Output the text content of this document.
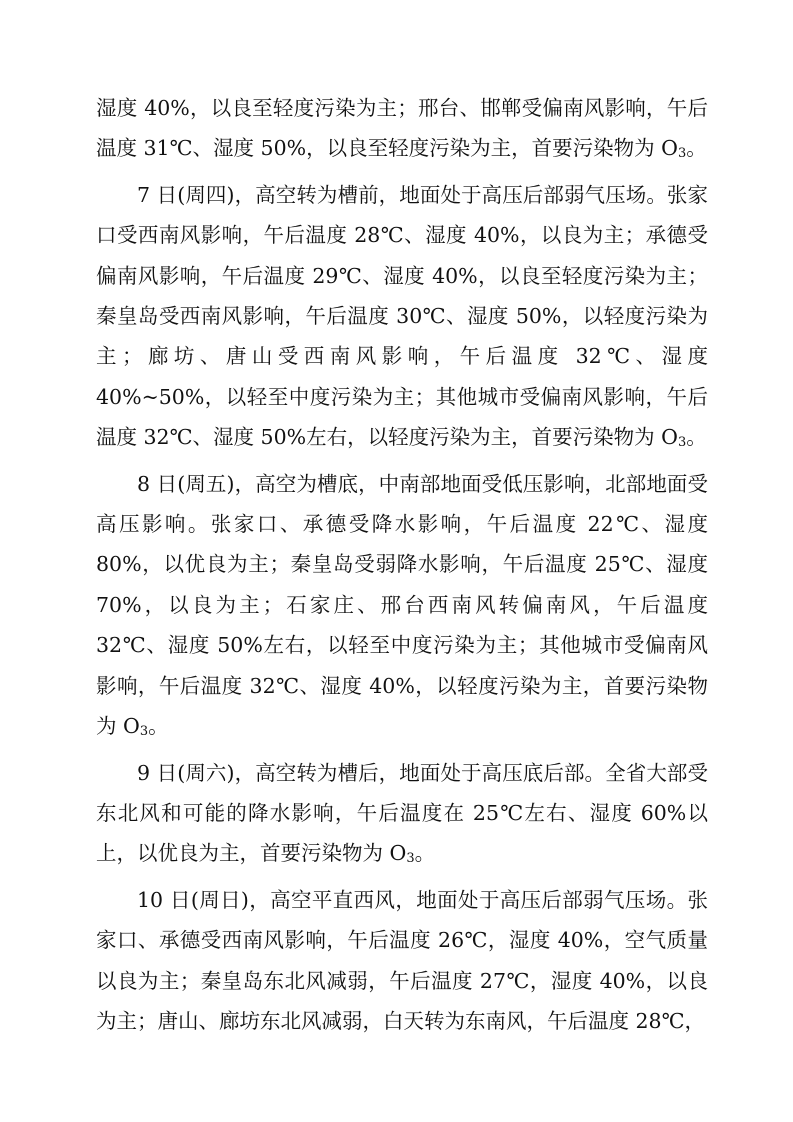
湿度 40%，以良至轻度污染为主；邢台、邯郸受偏南风影响，午后温度 31℃、湿度 50%，以良至轻度污染为主，首要污染物为 O3。

7 日(周四)，高空转为槽前，地面处于高压后部弱气压场。张家口受西南风影响，午后温度 28℃、湿度 40%，以良为主；承德受偏南风影响，午后温度 29℃、湿度 40%，以良至轻度污染为主；秦皇岛受西南风影响，午后温度 30℃、湿度 50%，以轻度污染为主；廊坊、唐山受西南风影响，午后温度 32℃、湿度 40%~50%，以轻至中度污染为主；其他城市受偏南风影响，午后温度 32℃、湿度 50%左右，以轻度污染为主，首要污染物为 O3。

8 日(周五)，高空为槽底，中南部地面受低压影响，北部地面受高压影响。张家口、承德受降水影响，午后温度 22℃、湿度 80%，以优良为主；秦皇岛受弱降水影响，午后温度 25℃、湿度 70%，以良为主；石家庄、邢台西南风转偏南风，午后温度 32℃、湿度 50%左右，以轻至中度污染为主；其他城市受偏南风影响，午后温度 32℃、湿度 40%，以轻度污染为主，首要污染物为 O3。

9 日(周六)，高空转为槽后，地面处于高压底后部。全省大部受东北风和可能的降水影响，午后温度在 25℃左右、湿度 60%以上，以优良为主，首要污染物为 O3。

10 日(周日)，高空平直西风，地面处于高压后部弱气压场。张家口、承德受西南风影响，午后温度 26℃，湿度 40%，空气质量以良为主；秦皇岛东北风减弱，午后温度 27℃，湿度 40%，以良为主；唐山、廊坊东北风减弱，白天转为东南风，午后温度 28℃，
